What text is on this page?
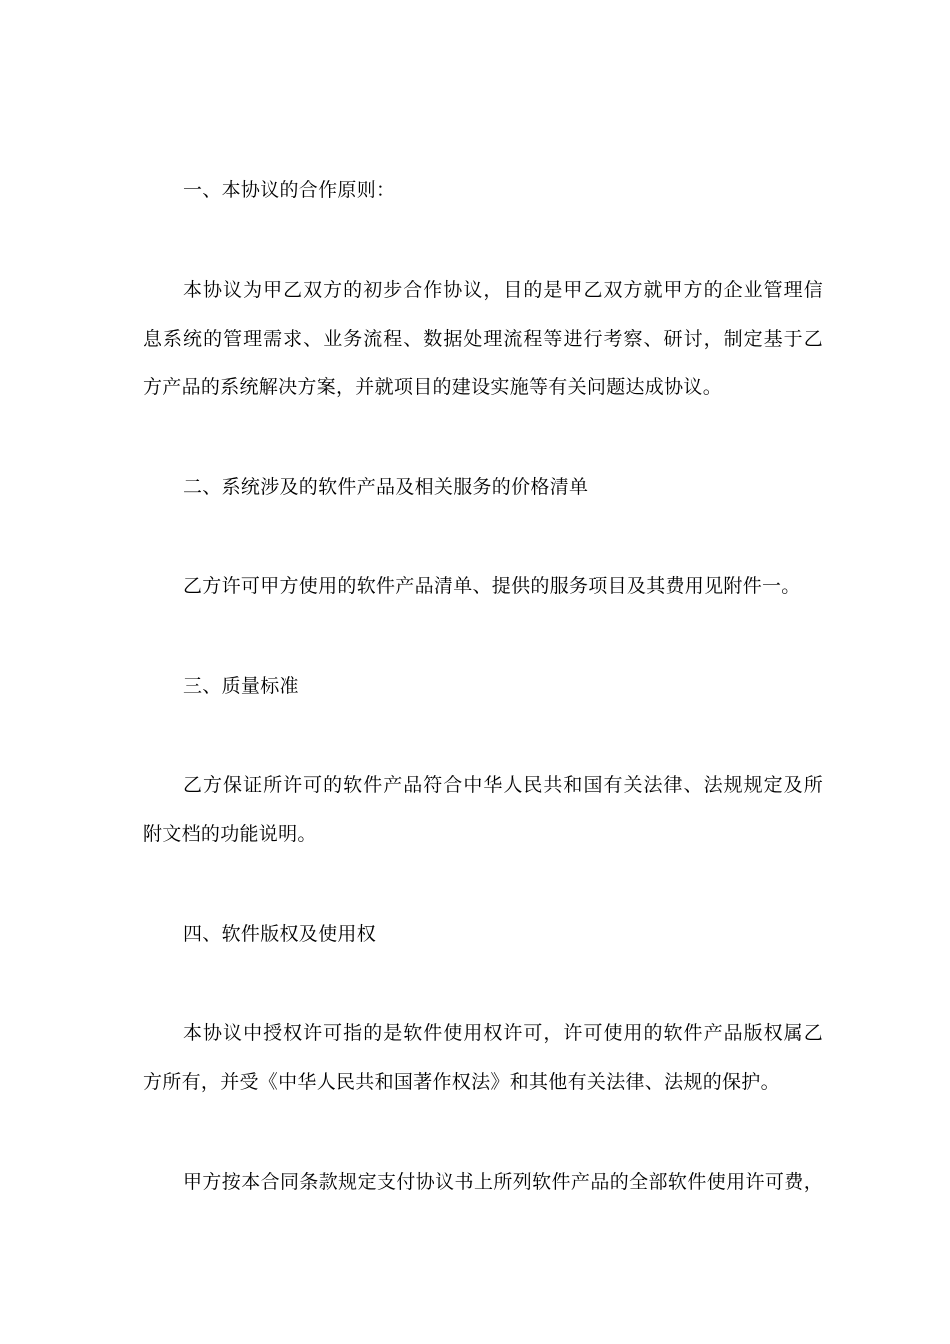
一、本协议的合作原则：
本协议为甲乙双方的初步合作协议，目的是甲乙双方就甲方的企业管理信
息系统的管理需求、业务流程、数据处理流程等进行考察、研讨，制定基于乙
方产品的系统解决方案，并就项目的建设实施等有关问题达成协议。
二、系统涉及的软件产品及相关服务的价格清单
乙方许可甲方使用的软件产品清单、提供的服务项目及其费用见附件一。
三、质量标准
乙方保证所许可的软件产品符合中华人民共和国有关法律、法规规定及所
附文档的功能说明。
四、软件版权及使用权
本协议中授权许可指的是软件使用权许可，许可使用的软件产品版权属乙
方所有，并受《中华人民共和国著作权法》和其他有关法律、法规的保护。
甲方按本合同条款规定支付协议书上所列软件产品的全部软件使用许可费，
